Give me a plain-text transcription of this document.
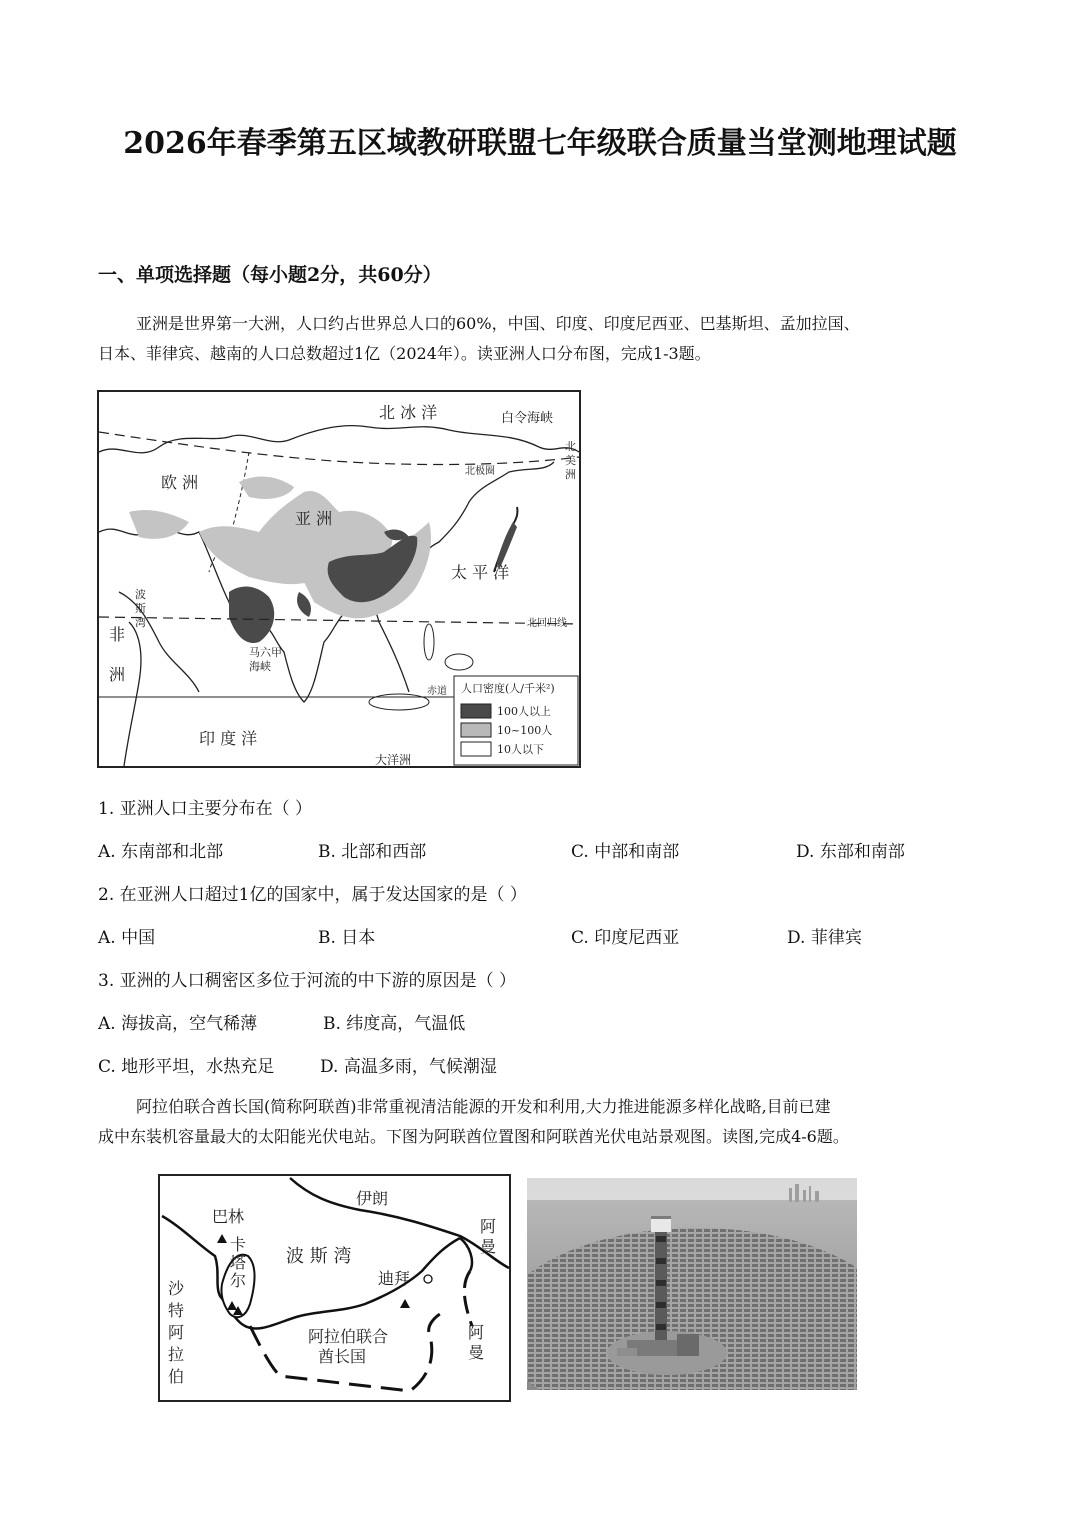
2026年春季第五区域教研联盟七年级联合质量当堂测地理试题
一、单项选择题（每小题2分，共60分）

亚洲是世界第一大洲，人口约占世界总人口的60%，中国、印度、印度尼西亚、巴基斯坦、孟加拉国、
日本、菲律宾、越南的人口总数超过1亿（2024年）。读亚洲人口分布图，完成1-3题。

北 冰 洋	白令海峡
北美洲
北极圈
欧 洲
亚 洲
太 平 洋
波斯湾	北回归线
非洲
马六甲海峡
赤道
印 度 洋
大洋洲
人口密度(人/千米²)
100人以上
10~100人
10人以下
1. 亚洲人口主要分布在（ ）
A. 东南部和北部	B. 北部和西部	C. 中部和南部	D. 东部和南部
2. 在亚洲人口超过1亿的国家中，属于发达国家的是（ ）
A. 中国	B. 日本	C. 印度尼西亚	D. 菲律宾
3. 亚洲的人口稠密区多位于河流的中下游的原因是（ ）
A. 海拔高，空气稀薄	B. 纬度高，气温低
C. 地形平坦，水热充足	D. 高温多雨，气候潮湿

阿拉伯联合酋长国(简称阿联酋)非常重视清洁能源的开发和利用,大力推进能源多样化战略,目前已建
成中东装机容量最大的太阳能光伏电站。下图为阿联酋位置图和阿联酋光伏电站景观图。读图,完成4-6题。

伊朗
巴林
卡塔尔
波 斯 湾
阿曼
迪拜
沙特阿拉伯
阿拉伯联合酋长国
阿曼
